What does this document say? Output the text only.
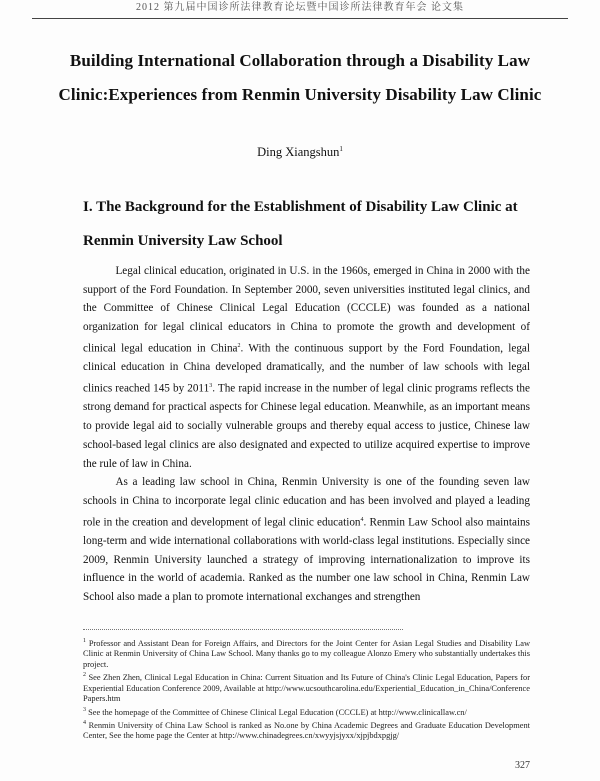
2012 第九届中国诊所法律教育论坛暨中国诊所法律教育年会 论文集
Building International Collaboration through a Disability Law Clinic:Experiences from Renmin University Disability Law Clinic
Ding Xiangshun$^1$
I. The Background for the Establishment of Disability Law Clinic at Renmin University Law School

Legal clinical education, originated in U.S. in the 1960s, emerged in China in 2000 with the support of the Ford Foundation. In September 2000, seven universities instituted legal clinics, and the Committee of Chinese Clinical Legal Education (CCCLE) was founded as a national organization for legal clinical educators in China to promote the growth and development of clinical legal education in China$^2$. With the continuous support by the Ford Foundation, legal clinical education in China developed dramatically, and the number of law schools with legal clinics reached 145 by 2011$^3$. The rapid increase in the number of legal clinic programs reflects the strong demand for practical aspects for Chinese legal education. Meanwhile, as an important means to provide legal aid to socially vulnerable groups and thereby equal access to justice, Chinese law school-based legal clinics are also designated and expected to utilize acquired expertise to improve the rule of law in China.

As a leading law school in China, Renmin University is one of the founding seven law schools in China to incorporate legal clinic education and has been involved and played a leading role in the creation and development of legal clinic education$^4$. Renmin Law School also maintains long-term and wide international collaborations with world-class legal institutions. Especially since 2009, Renmin University launched a strategy of improving internationalization to improve its influence in the world of academia. Ranked as the number one law school in China, Renmin Law School also made a plan to promote international exchanges and strengthen

$^1$ Professor and Assistant Dean for Foreign Affairs, and Directors for the Joint Center for Asian Legal Studies and Disability Law Clinic at Renmin University of China Law School. Many thanks go to my colleague Alonzo Emery who substantially undertakes this project.

$^2$ See Zhen Zhen, Clinical Legal Education in China: Current Situation and Its Future of China's Clinic Legal Education, Papers for Experiential Education Conference 2009, Available at http://www.ucsouthcarolina.edu/Experiential_Education_in_China/Conference Papers.htm

$^3$ See the homepage of the Committee of Chinese Clinical Legal Education (CCCLE) at http://www.clinicallaw.cn/

$^4$ Renmin University of China Law School is ranked as No.one by China Academic Degrees and Graduate Education Development Center, See the home page the Center at http://www.chinadegrees.cn/xwyyjsjyxx/xjpjbdxpgjg/

327
